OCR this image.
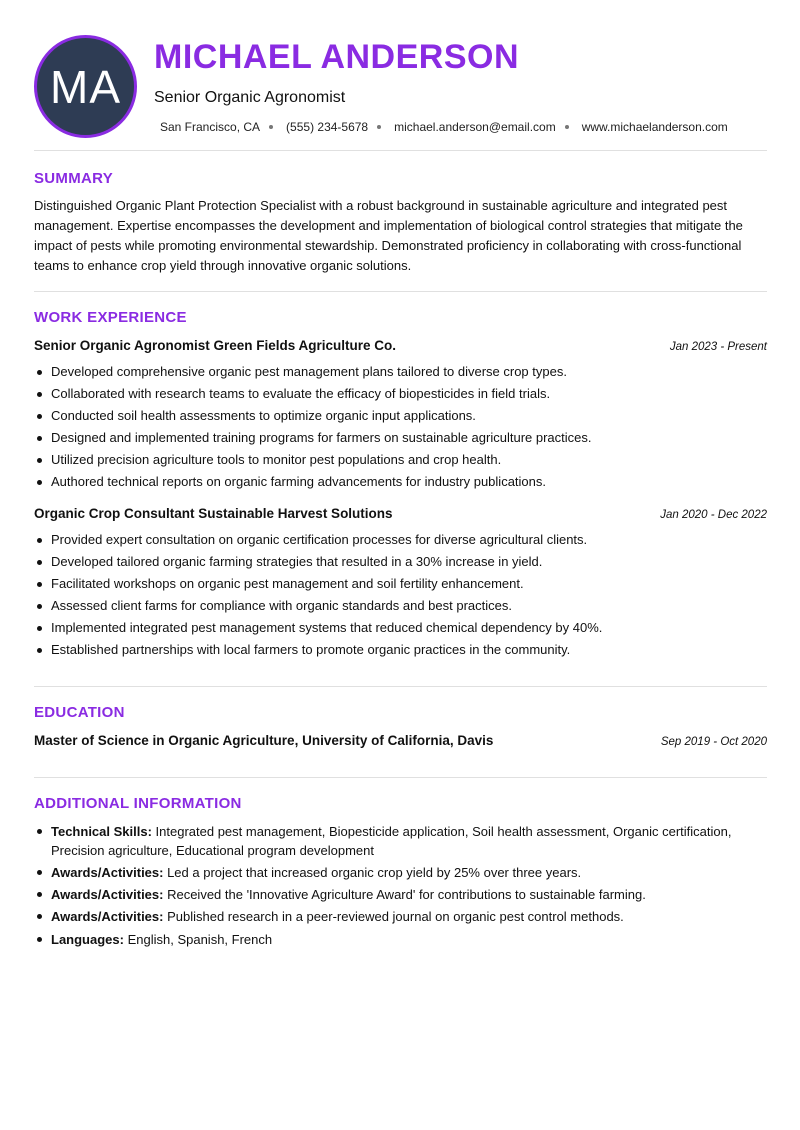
MA
MICHAEL ANDERSON
Senior Organic Agronomist
San Francisco, CA (555) 234-5678 michael.anderson@email.com www.michaelanderson.com
SUMMARY
Distinguished Organic Plant Protection Specialist with a robust background in sustainable agriculture and integrated pest management. Expertise encompasses the development and implementation of biological control strategies that mitigate the impact of pests while promoting environmental stewardship. Demonstrated proficiency in collaborating with cross-functional teams to enhance crop yield through innovative organic solutions.
WORK EXPERIENCE
Senior Organic Agronomist Green Fields Agriculture Co.	Jan 2023 - Present
Developed comprehensive organic pest management plans tailored to diverse crop types.
Collaborated with research teams to evaluate the efficacy of biopesticides in field trials.
Conducted soil health assessments to optimize organic input applications.
Designed and implemented training programs for farmers on sustainable agriculture practices.
Utilized precision agriculture tools to monitor pest populations and crop health.
Authored technical reports on organic farming advancements for industry publications.
Organic Crop Consultant Sustainable Harvest Solutions	Jan 2020 - Dec 2022
Provided expert consultation on organic certification processes for diverse agricultural clients.
Developed tailored organic farming strategies that resulted in a 30% increase in yield.
Facilitated workshops on organic pest management and soil fertility enhancement.
Assessed client farms for compliance with organic standards and best practices.
Implemented integrated pest management systems that reduced chemical dependency by 40%.
Established partnerships with local farmers to promote organic practices in the community.
EDUCATION
Master of Science in Organic Agriculture, University of California, Davis	Sep 2019 - Oct 2020
ADDITIONAL INFORMATION
Technical Skills: Integrated pest management, Biopesticide application, Soil health assessment, Organic certification, Precision agriculture, Educational program development
Awards/Activities: Led a project that increased organic crop yield by 25% over three years.
Awards/Activities: Received the 'Innovative Agriculture Award' for contributions to sustainable farming.
Awards/Activities: Published research in a peer-reviewed journal on organic pest control methods.
Languages: English, Spanish, French
